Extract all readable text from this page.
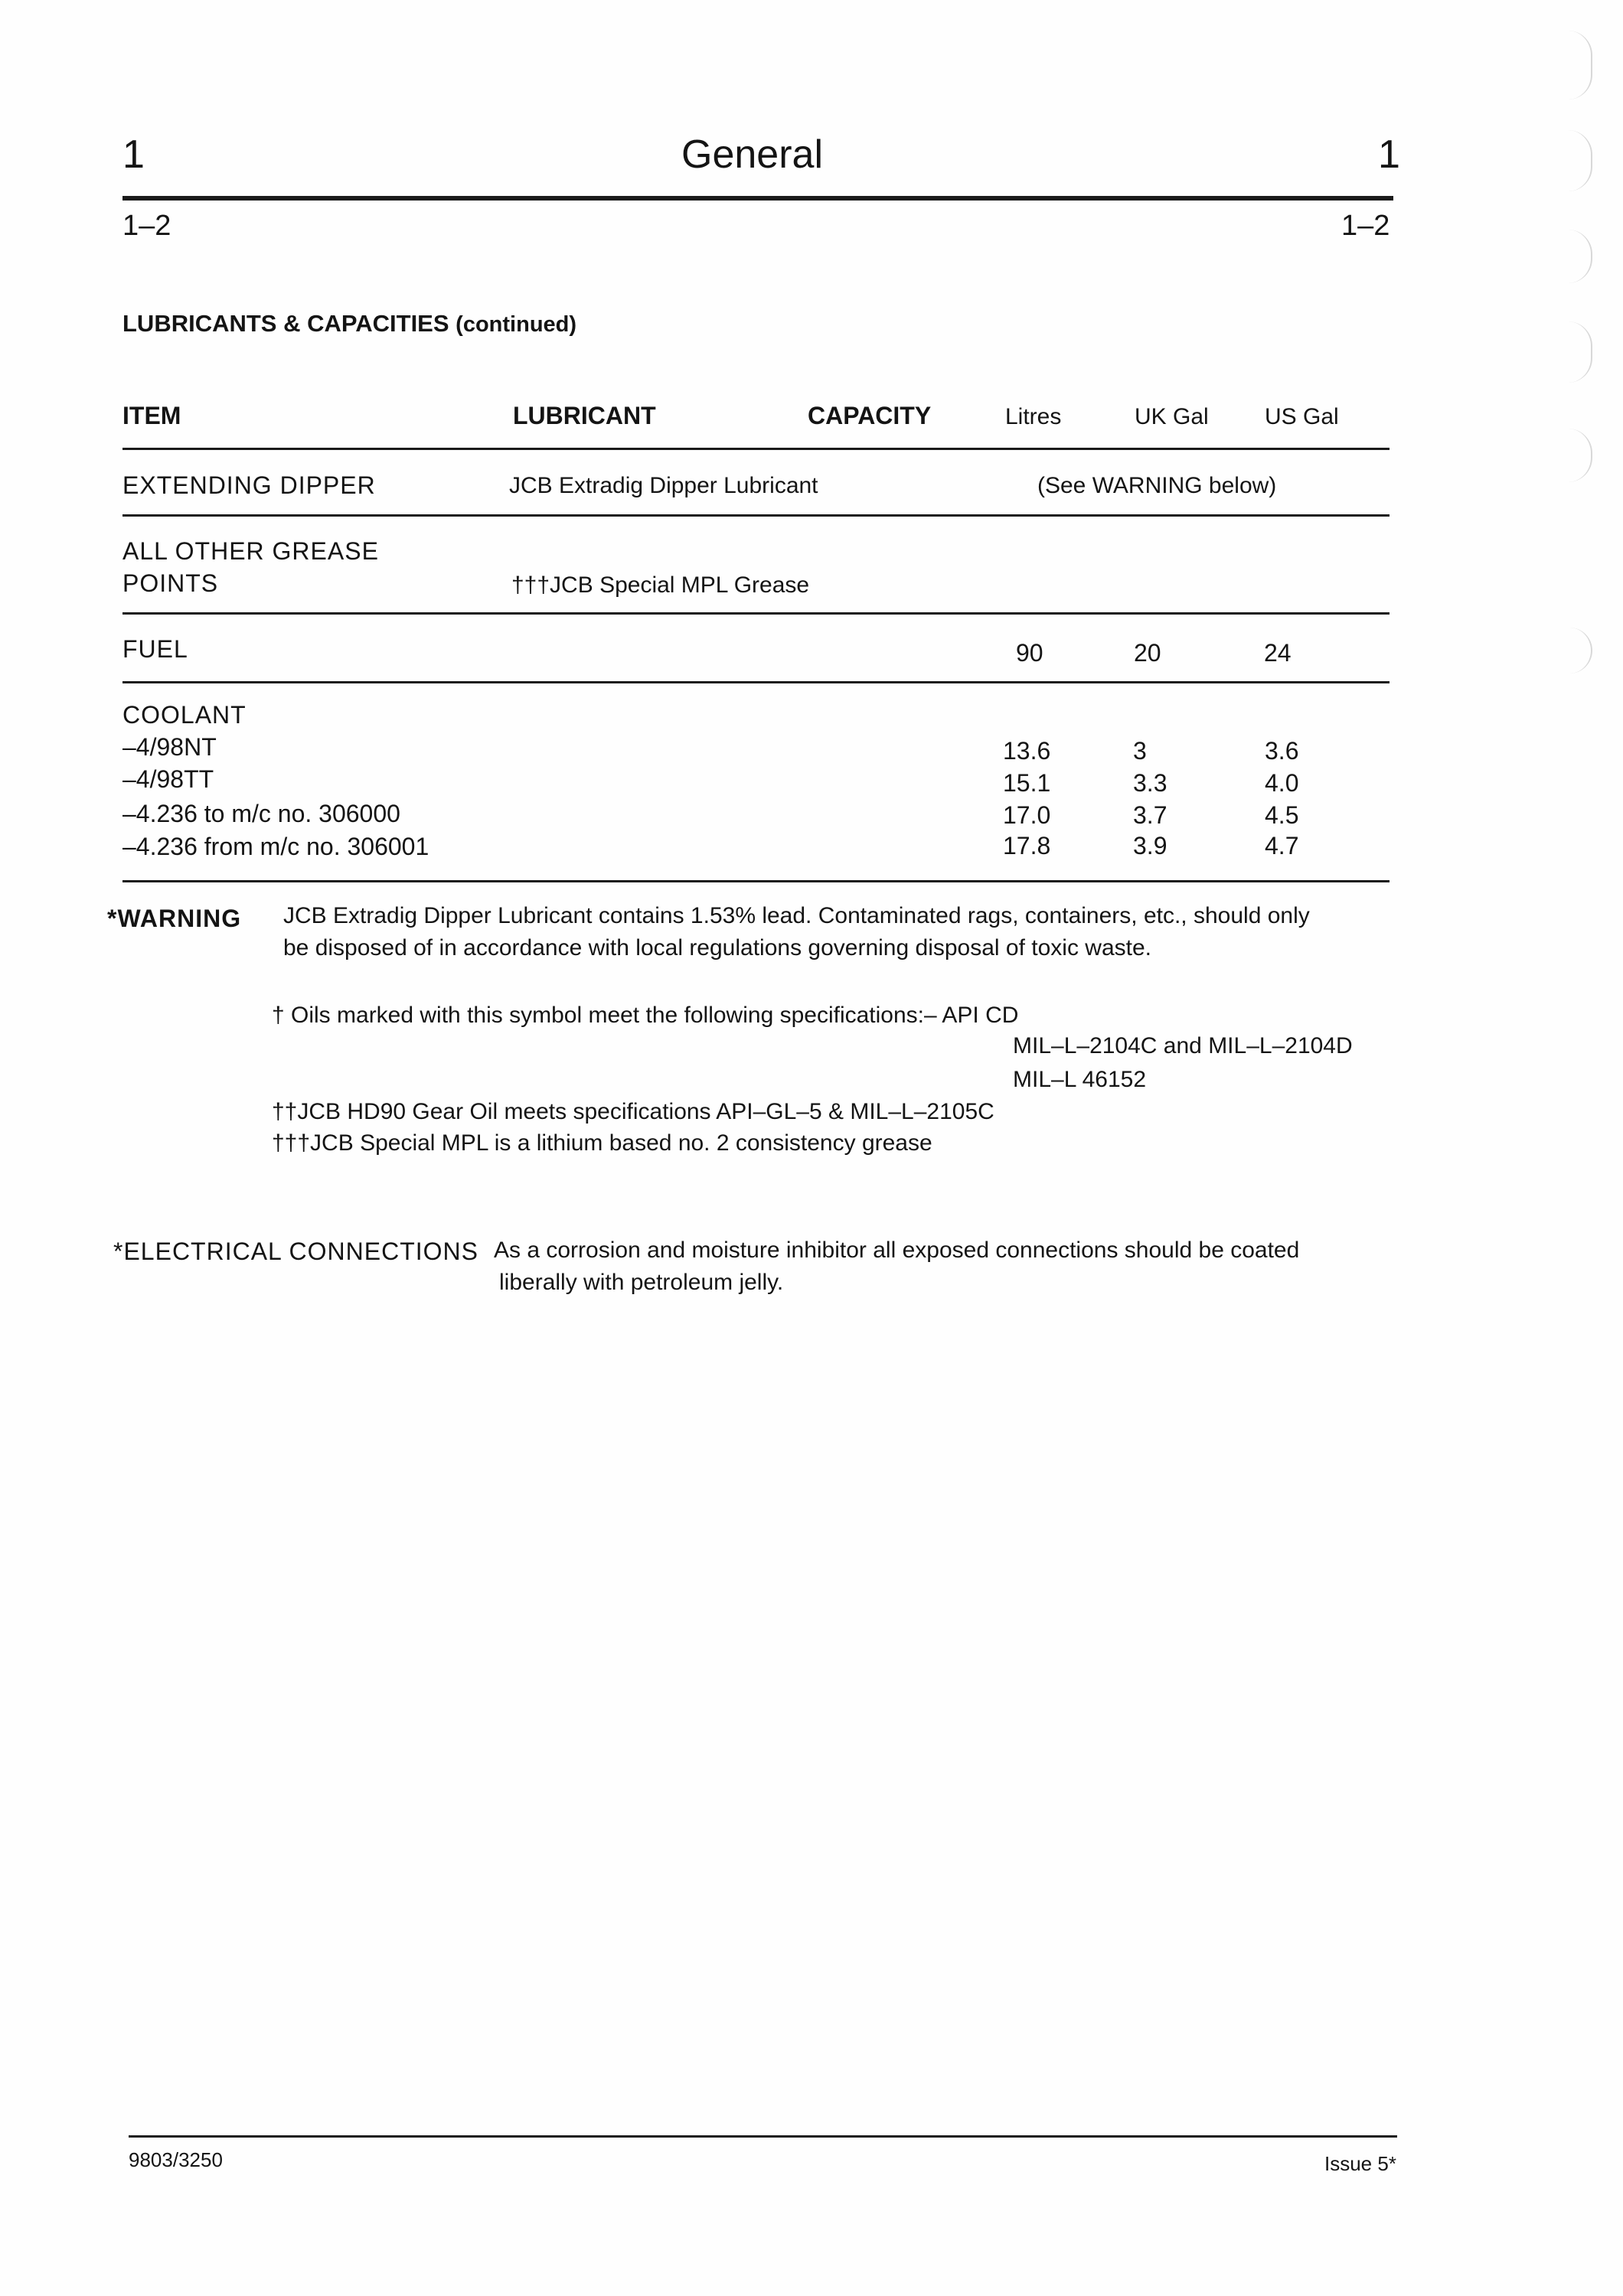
1	General	1
1–2	1–2
LUBRICANTS & CAPACITIES (continued)
ITEM	LUBRICANT	CAPACITY	Litres	UK Gal US Gal
EXTENDING DIPPER	JCB Extradig Dipper Lubricant	(See WARNING below)
ALL OTHER GREASE
POINTS	†††JCB Special MPL Grease
FUEL	90	20	24
COOLANT
–4/98NT	13.6	3	3.6
–4/98TT	15.1	3.3	4.0
–4.236 to m/c no. 306000	17.0	3.7	4.5
–4.236 from m/c no. 306001	17.8	3.9	4.7
*WARNING JCB Extradig Dipper Lubricant contains 1.53% lead. Contaminated rags, containers, etc., should only
be disposed of in accordance with local regulations governing disposal of toxic waste.
† Oils marked with this symbol meet the following specifications:– API CD
MIL–L–2104C and MIL–L–2104D
MIL–L 46152
††JCB HD90 Gear Oil meets specifications API–GL–5 & MIL–L–2105C
†††JCB Special MPL is a lithium based no. 2 consistency grease
*ELECTRICAL CONNECTIONS As a corrosion and moisture inhibitor all exposed connections should be coated
liberally with petroleum jelly.
9803/3250	Issue 5*
